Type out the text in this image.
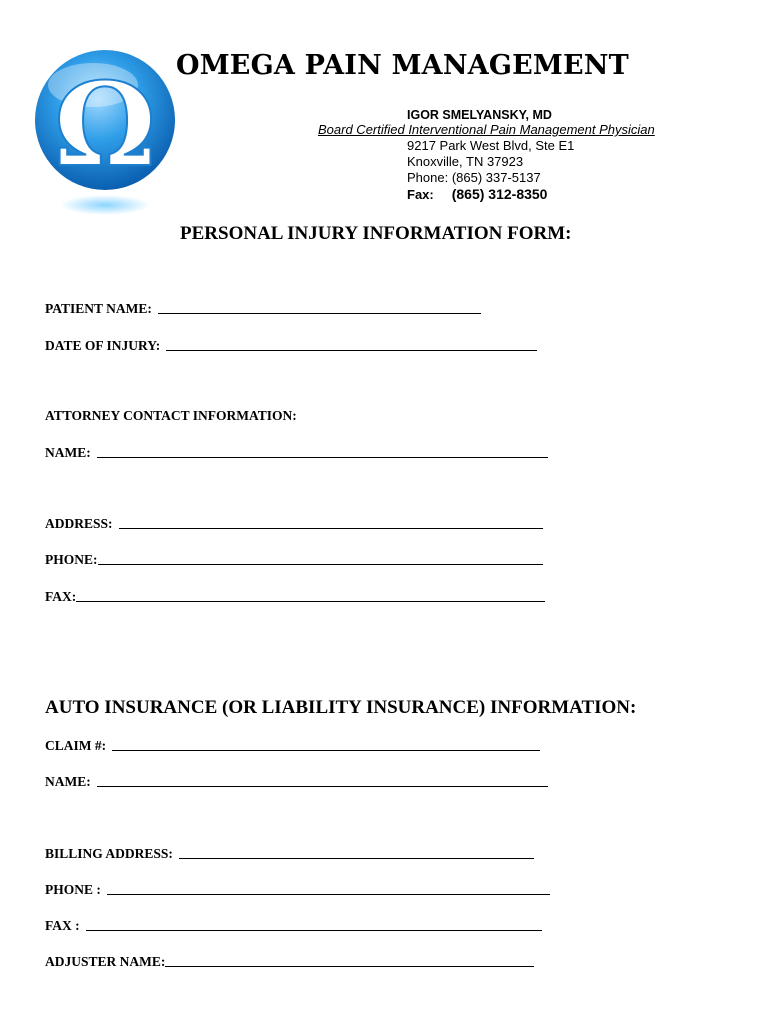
Ω OMEGA PAIN MANAGEMENT
IGOR SMELYANSKY, MD
Board Certified Interventional Pain Management Physician
9217 Park West Blvd, Ste E1
Knoxville, TN 37923
Phone: (865) 337-5137
Fax: (865) 312-8350
PERSONAL INJURY INFORMATION FORM:
PATIENT NAME:
DATE OF INJURY:
ATTORNEY CONTACT INFORMATION:
NAME:
ADDRESS:
PHONE:
FAX:
AUTO INSURANCE (OR LIABILITY INSURANCE) INFORMATION:
CLAIM #:
NAME:
BILLING ADDRESS:
PHONE :
FAX :
ADJUSTER NAME:
